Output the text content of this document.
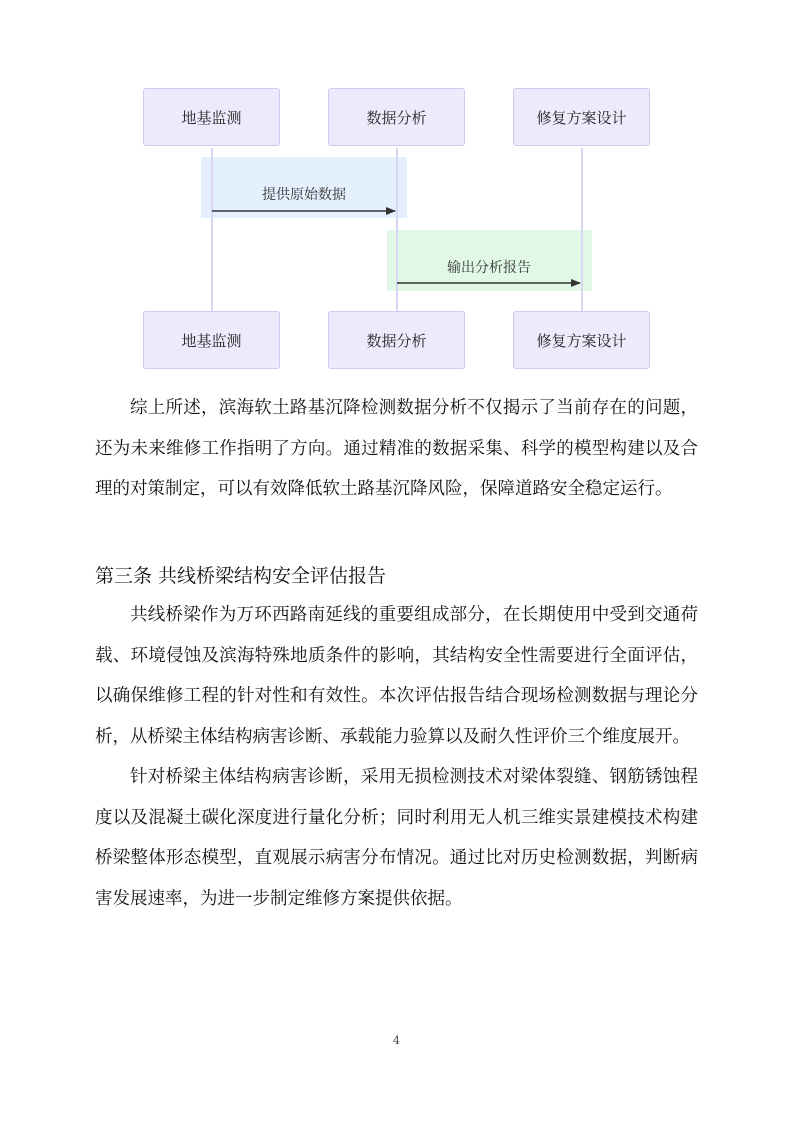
地基监测	数据分析	修复方案设计
地基监测	数据分析	修复方案设计
提供原始数据
输出分析报告

综上所述，滨海软土路基沉降检测数据分析不仅揭示了当前存在的问题，还为未来维修工作指明了方向。通过精准的数据采集、科学的模型构建以及合理的对策制定，可以有效降低软土路基沉降风险，保障道路安全稳定运行。

第三条 共线桥梁结构安全评估报告

共线桥梁作为万环西路南延线的重要组成部分，在长期使用中受到交通荷载、环境侵蚀及滨海特殊地质条件的影响，其结构安全性需要进行全面评估，以确保维修工程的针对性和有效性。本次评估报告结合现场检测数据与理论分析，从桥梁主体结构病害诊断、承载能力验算以及耐久性评价三个维度展开。

针对桥梁主体结构病害诊断，采用无损检测技术对梁体裂缝、钢筋锈蚀程度以及混凝土碳化深度进行量化分析；同时利用无人机三维实景建模技术构建桥梁整体形态模型，直观展示病害分布情况。通过比对历史检测数据，判断病害发展速率，为进一步制定维修方案提供依据。

4
